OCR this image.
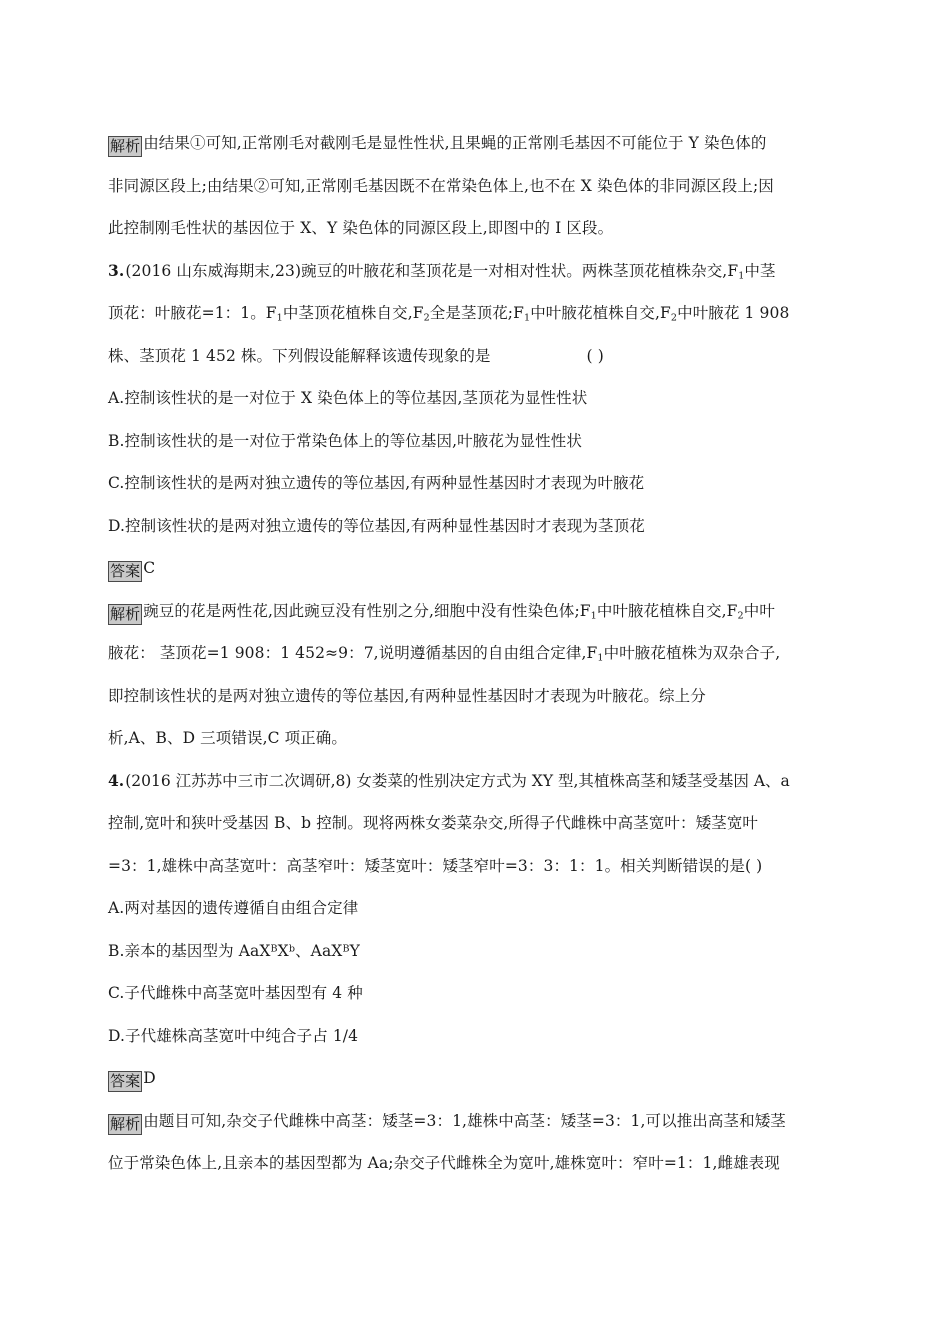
解析 由结果①可知,正常刚毛对截刚毛是显性性状,且果蝇的正常刚毛基因不可能位于 Y 染色体的
非同源区段上;由结果②可知,正常刚毛基因既不在常染色体上,也不在 X 染色体的非同源区段上;因
此控制刚毛性状的基因位于 X、Y 染色体的同源区段上,即图中的 Ⅰ 区段。
3.(2016 山东威海期末,23)豌豆的叶腋花和茎顶花是一对相对性状。两株茎顶花植株杂交$,F_1$中茎
顶花：叶腋花=1：1。$F_1$中茎顶花植株自交$,F_2$全是茎顶花$;F_1$中叶腋花植株自交$,F_2$中叶腋花 1 908
株、茎顶花 1 452 株。下列假设能解释该遗传现象的是	( )
A.控制该性状的是一对位于 X 染色体上的等位基因,茎顶花为显性性状
B.控制该性状的是一对位于常染色体上的等位基因,叶腋花为显性性状
C.控制该性状的是两对独立遗传的等位基因,有两种显性基因时才表现为叶腋花
D.控制该性状的是两对独立遗传的等位基因,有两种显性基因时才表现为茎顶花
答案 C
解析 豌豆的花是两性花,因此豌豆没有性别之分,细胞中没有性染色体$;F_1$中叶腋花植株自交$,F_2$中叶
腋花： 茎顶花=1 908：1 452≈9：7,说明遵循基因的自由组合定律$,F_1$中叶腋花植株为双杂合子,
即控制该性状的是两对独立遗传的等位基因,有两种显性基因时才表现为叶腋花。综上分
析,A、B、D 三项错误,C 项正确。
4.(2016 江苏苏中三市二次调研,8) 女娄菜的性别决定方式为 XY 型,其植株高茎和矮茎受基因 A、a
控制,宽叶和狭叶受基因 B、b 控制。现将两株女娄菜杂交,所得子代雌株中高茎宽叶：矮茎宽叶
=3：1,雄株中高茎宽叶：高茎窄叶：矮茎宽叶：矮茎窄叶=3：3：1：1。相关判断错误的是( )
A.两对基因的遗传遵循自由组合定律
B.亲本的基因型为 $AaX^BX^b$、AaX$^B$Y
C.子代雌株中高茎宽叶基因型有 4 种
D.子代雄株高茎宽叶中纯合子占 1/4
答案 D
解析 由题目可知,杂交子代雌株中高茎：矮茎=3：1,雄株中高茎：矮茎=3：1,可以推出高茎和矮茎
位于常染色体上,且亲本的基因型都为 Aa;杂交子代雌株全为宽叶,雄株宽叶：窄叶=1：1,雌雄表现
